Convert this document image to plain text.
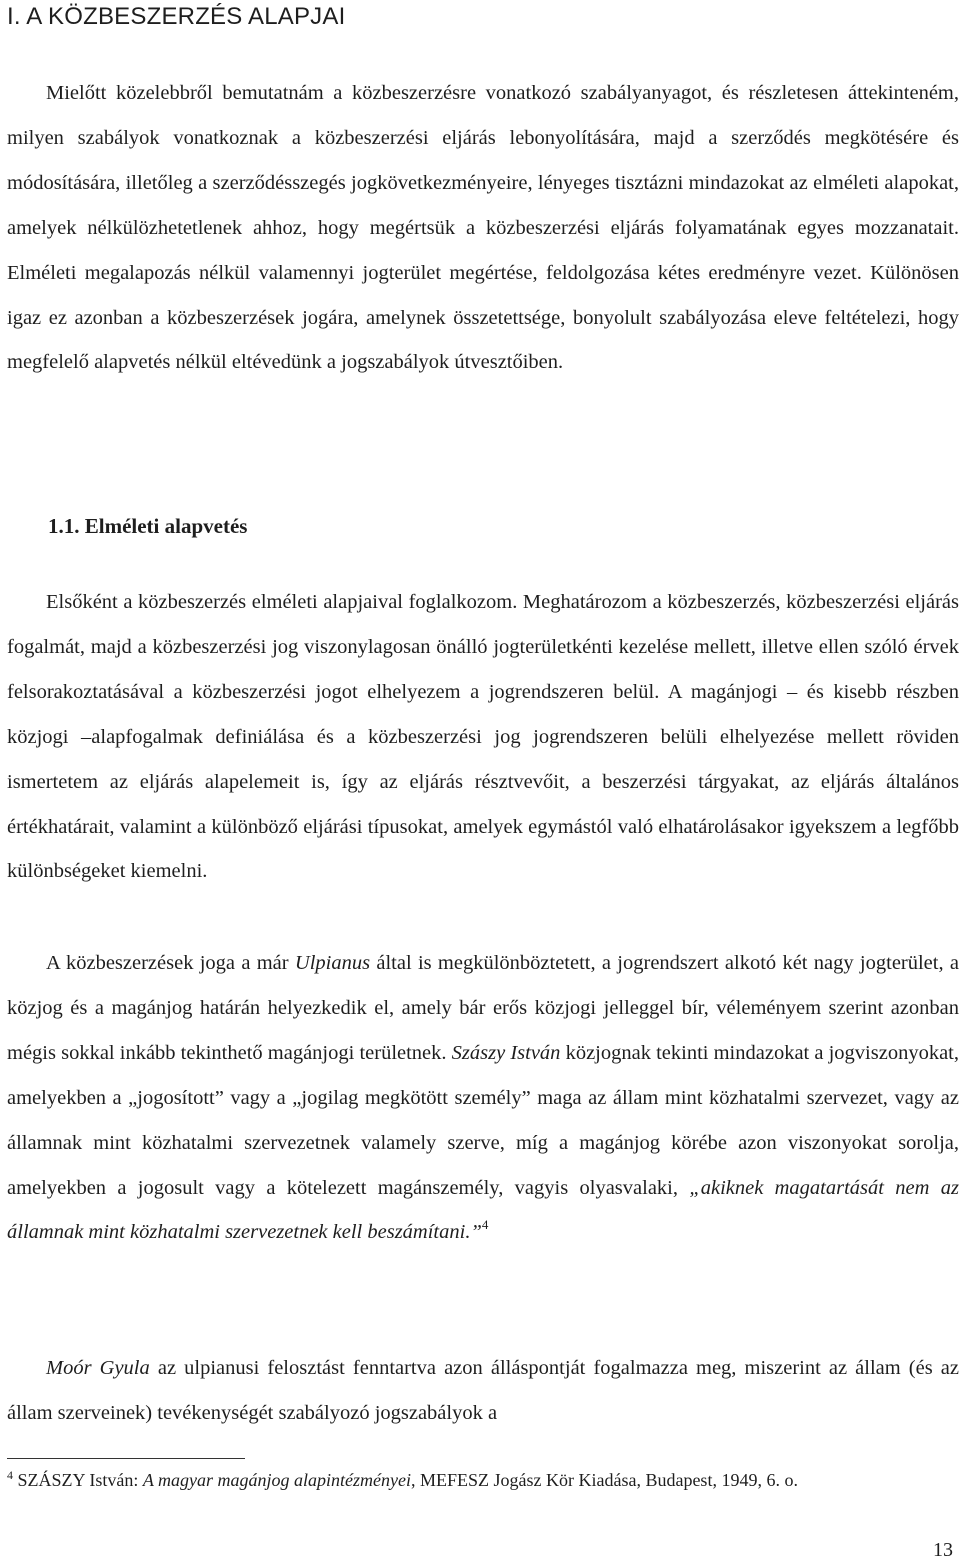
I. A KÖZBESZERZÉS ALAPJAI

Mielőtt közelebbről bemutatnám a közbeszerzésre vonatkozó szabályanyagot, és részletesen áttekinteném, milyen szabályok vonatkoznak a közbeszerzési eljárás lebonyolítására, majd a szerződés megkötésére és módosítására, illetőleg a szerződésszegés jogkövetkezményeire, lényeges tisztázni mindazokat az elméleti alapokat, amelyek nélkülözhetetlenek ahhoz, hogy megértsük a közbeszerzési eljárás folyamatának egyes mozzanatait. Elméleti megalapozás nélkül valamennyi jogterület megértése, feldolgozása kétes eredményre vezet. Különösen igaz ez azonban a közbeszerzések jogára, amelynek összetettsége, bonyolult szabályozása eleve feltételezi, hogy megfelelő alapvetés nélkül eltévedünk a jogszabályok útvesztőiben.

1.1. Elméleti alapvetés

Elsőként a közbeszerzés elméleti alapjaival foglalkozom. Meghatározom a közbeszerzés, közbeszerzési eljárás fogalmát, majd a közbeszerzési jog viszonylagosan önálló jogterületkénti kezelése mellett, illetve ellen szóló érvek felsorakoztatásával a közbeszerzési jogot elhelyezem a jogrendszeren belül. A magánjogi – és kisebb részben közjogi –alapfogalmak definiálása és a közbeszerzési jog jogrendszeren belüli elhelyezése mellett röviden ismertetem az eljárás alapelemeit is, így az eljárás résztvevőit, a beszerzési tárgyakat, az eljárás általános értékhatárait, valamint a különböző eljárási típusokat, amelyek egymástól való elhatárolásakor igyekszem a legfőbb különbségeket kiemelni.

A közbeszerzések joga a már Ulpianus által is megkülönböztetett, a jogrendszert alkotó két nagy jogterület, a közjog és a magánjog határán helyezkedik el, amely bár erős közjogi jelleggel bír, véleményem szerint azonban mégis sokkal inkább tekinthető magánjogi területnek. Szászy István közjognak tekinti mindazokat a jogviszonyokat, amelyekben a „jogosított” vagy a „jogilag megkötött személy” maga az állam mint közhatalmi szervezet, vagy az államnak mint közhatalmi szervezetnek valamely szerve, míg a magánjog körébe azon viszonyokat sorolja, amelyekben a jogosult vagy a kötelezett magánszemély, vagyis olyasvalaki, „akiknek magatartását nem az államnak mint közhatalmi szervezetnek kell beszámítani.”$^4$

Moór Gyula az ulpianusi felosztást fenntartva azon álláspontját fogalmazza meg, miszerint az állam (és az állam szerveinek) tevékenységét szabályozó jogszabályok a

$^4$ SZÁSZY István: A magyar magánjog alapintézményei, MEFESZ Jogász Kör Kiadása, Budapest, 1949, 6. o.

13
